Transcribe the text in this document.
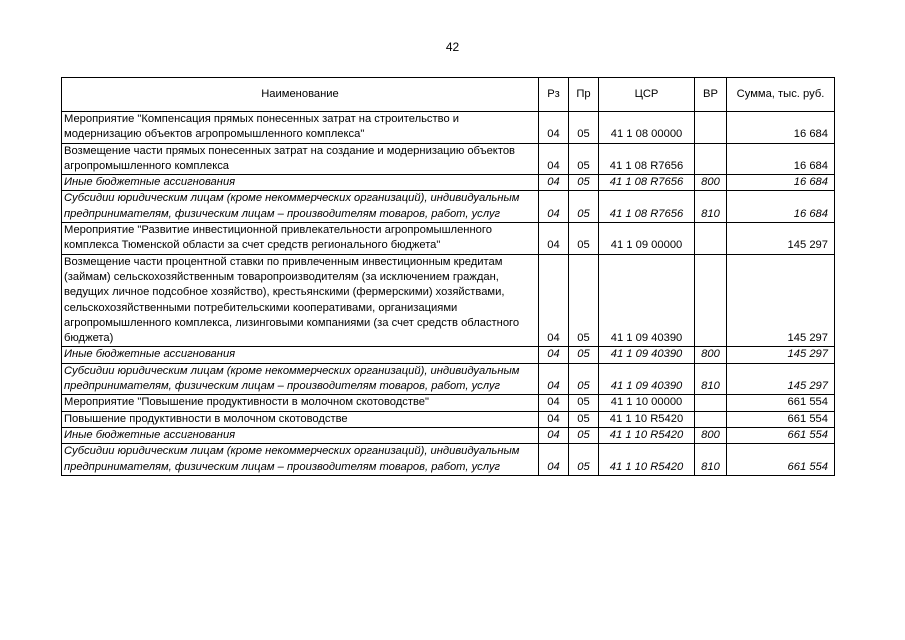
42
Наименование	Рз	Пр	ЦСР	ВР	Сумма, тыс. руб.
Мероприятие "Компенсация прямых понесенных затрат на строительство и модернизацию объектов агропромышленного комплекса"	04	05	41 1 08 00000		16 684
Возмещение части прямых понесенных затрат на создание и модернизацию объектов агропромышленного комплекса	04	05	41 1 08 R7656		16 684
Иные бюджетные ассигнования	04	05	41 1 08 R7656	800	16 684
Субсидии юридическим лицам (кроме некоммерческих организаций), индивидуальным предпринимателям, физическим лицам – производителям товаров, работ, услуг	04	05	41 1 08 R7656	810	16 684
Мероприятие "Развитие инвестиционной привлекательности агропромышленного комплекса Тюменской области за счет средств регионального бюджета"	04	05	41 1 09 00000		145 297
Возмещение части процентной ставки по привлеченным инвестиционным кредитам (займам) сельскохозяйственным товаропроизводителям (за исключением граждан, ведущих личное подсобное хозяйство), крестьянскими (фермерскими) хозяйствами, сельскохозяйственными потребительскими кооперативами, организациями агропромышленного комплекса, лизинговыми компаниями (за счет средств областного бюджета)	04	05	41 1 09 40390		145 297
Иные бюджетные ассигнования	04	05	41 1 09 40390	800	145 297
Субсидии юридическим лицам (кроме некоммерческих организаций), индивидуальным предпринимателям, физическим лицам – производителям товаров, работ, услуг	04	05	41 1 09 40390	810	145 297
Мероприятие "Повышение продуктивности в молочном скотоводстве"	04	05	41 1 10 00000		661 554
Повышение продуктивности в молочном скотоводстве	04	05	41 1 10 R5420		661 554
Иные бюджетные ассигнования	04	05	41 1 10 R5420	800	661 554
Субсидии юридическим лицам (кроме некоммерческих организаций), индивидуальным предпринимателям, физическим лицам – производителям товаров, работ, услуг	04	05	41 1 10 R5420	810	661 554
